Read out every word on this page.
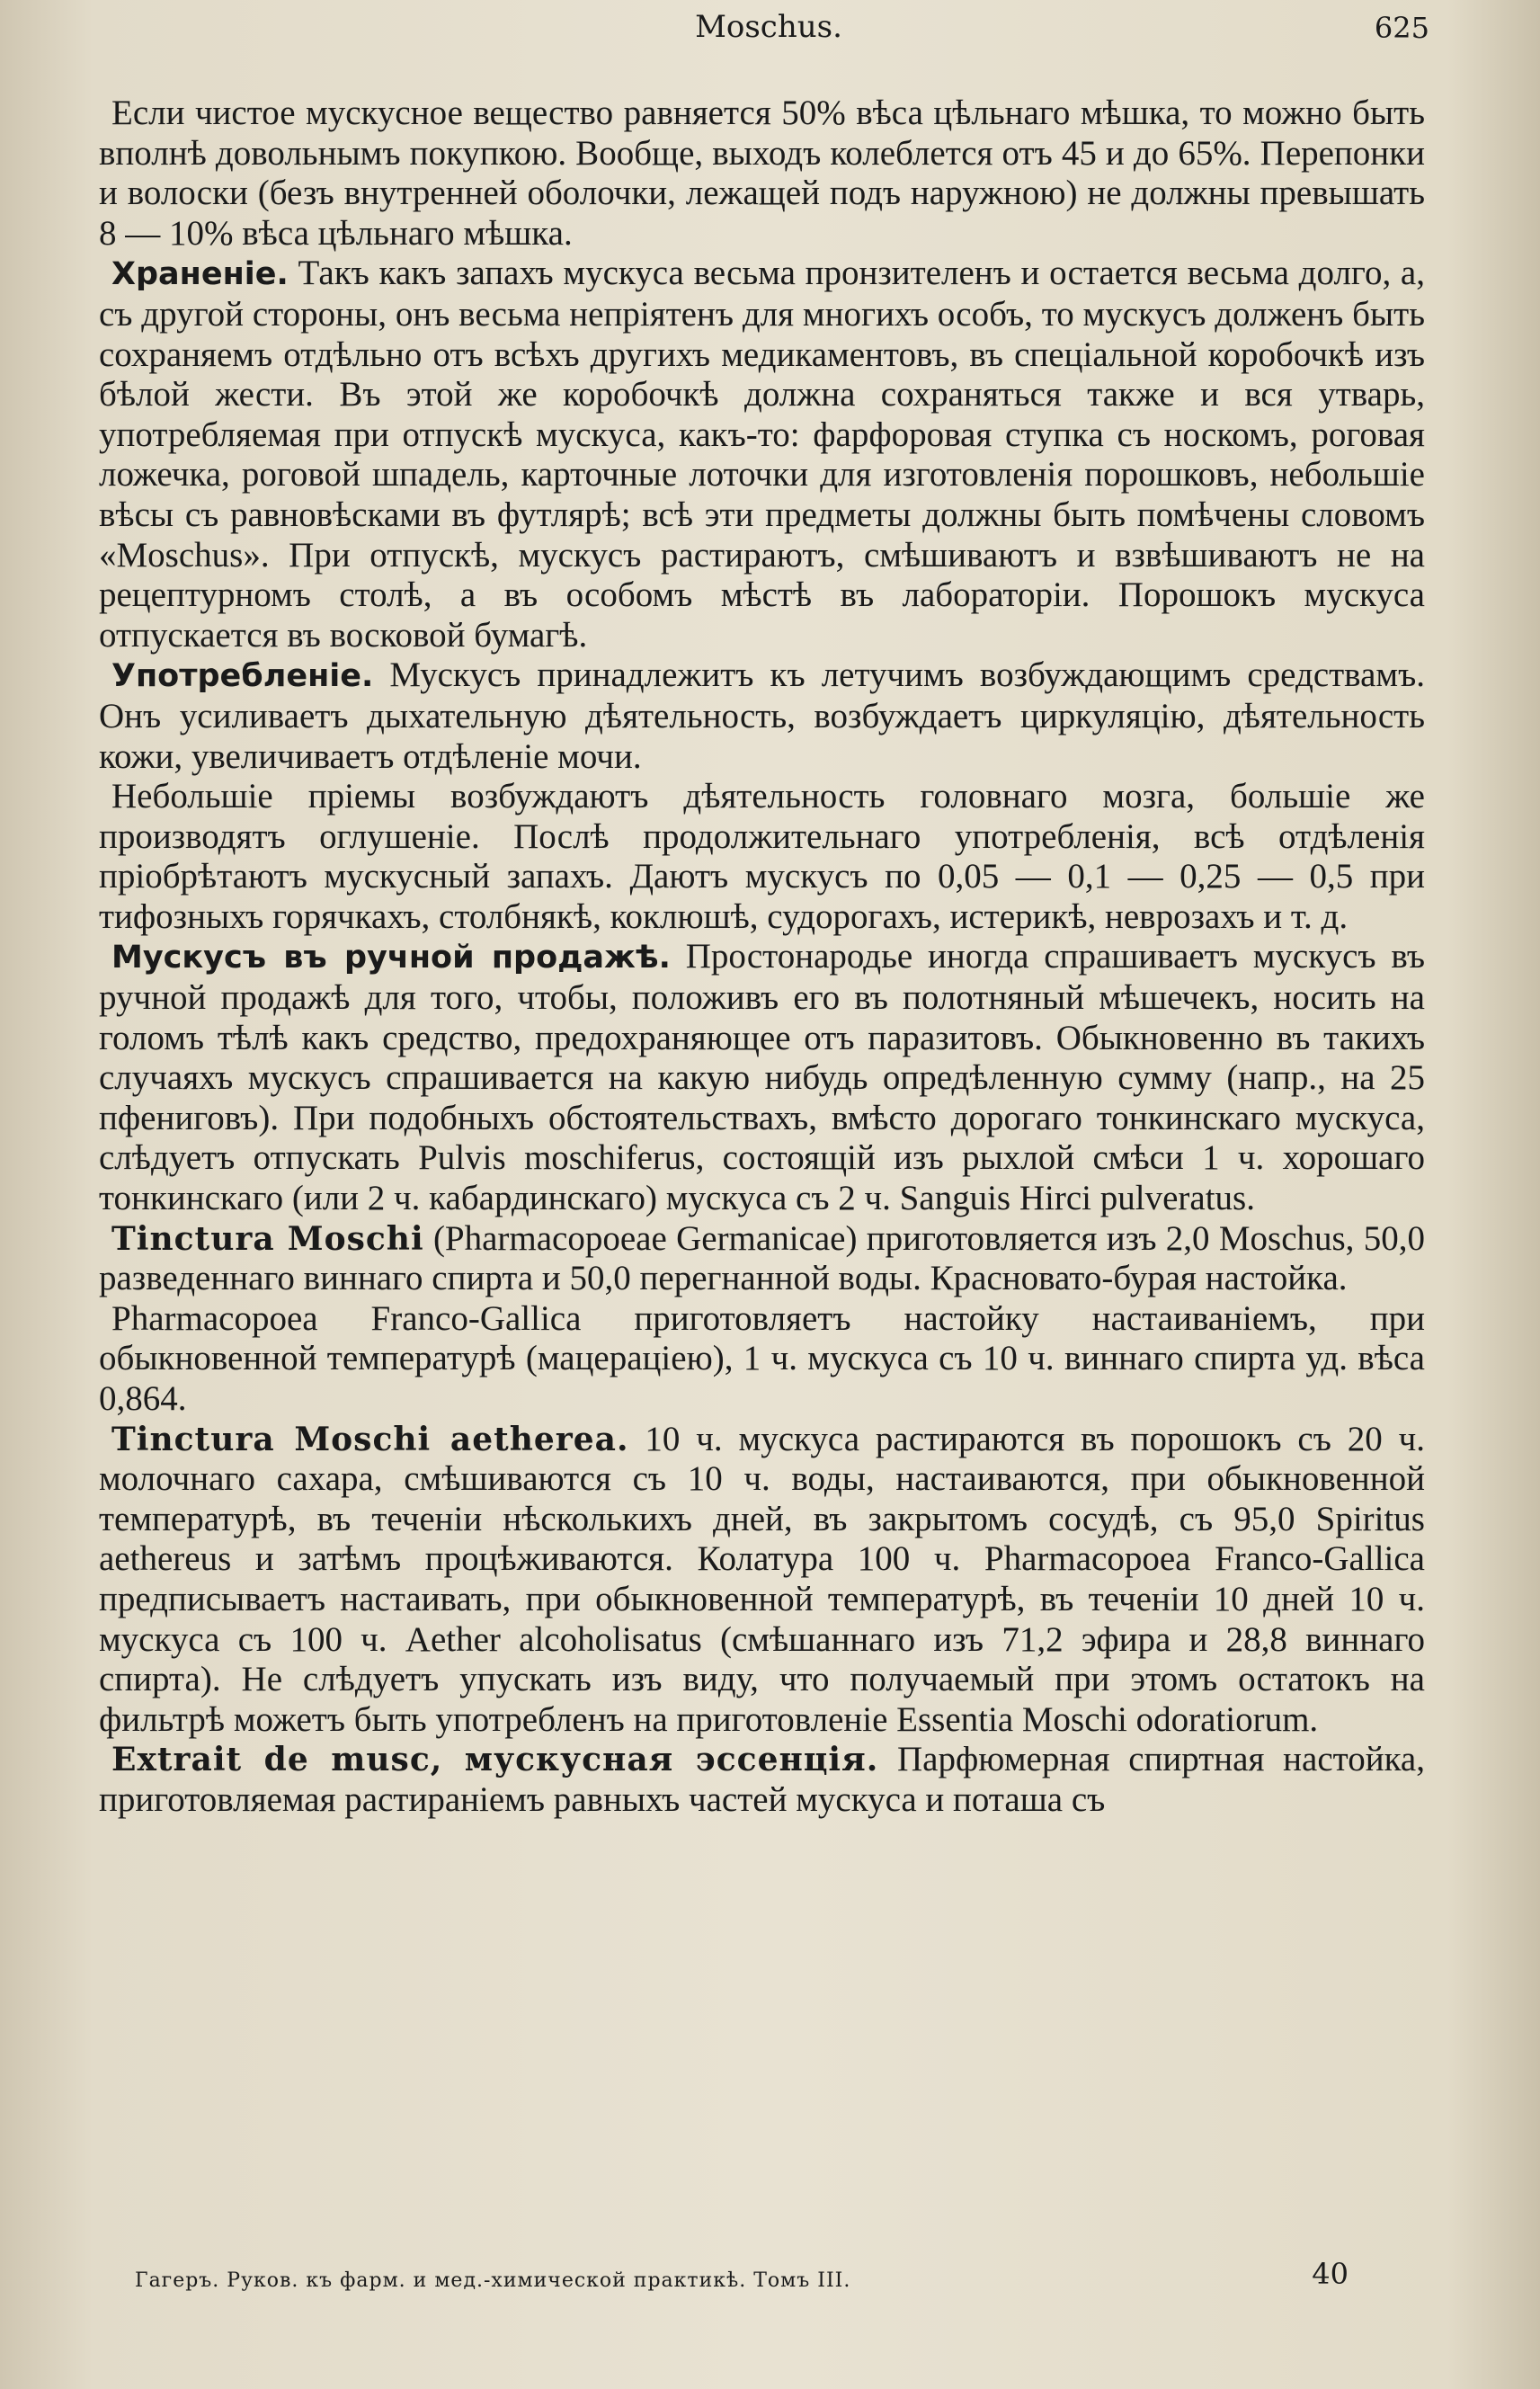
Moschus.	625

Если чистое мускусное вещество равняется 50% вѣса цѣльнаго мѣшка, то можно быть вполнѣ довольнымъ покупкою. Вообще, выходъ колеблется отъ 45 и до 65%. Перепонки и волоски (безъ внутренней оболочки, лежащей подъ наружною) не должны превышать 8 — 10% вѣса цѣльнаго мѣшка.

Храненіе. Такъ какъ запахъ мускуса весьма пронзителенъ и остается весьма долго, а, съ другой стороны, онъ весьма непріятенъ для многихъ особъ, то мускусъ долженъ быть сохраняемъ отдѣльно отъ всѣхъ другихъ медикаментовъ, въ спеціальной коробочкѣ изъ бѣлой жести. Въ этой же коробочкѣ должна сохраняться также и вся утварь, употребляемая при отпускѣ мускуса, какъ-то: фарфоровая ступка съ носкомъ, роговая ложечка, роговой шпадель, карточные лоточки для изготовленія порошковъ, небольшіе вѣсы съ равновѣсками въ футлярѣ; всѣ эти предметы должны быть помѣчены словомъ «Moschus». При отпускѣ, мускусъ растираютъ, смѣшиваютъ и взвѣшиваютъ не на рецептурномъ столѣ, а въ особомъ мѣстѣ въ лабораторіи. Порошокъ мускуса отпускается въ восковой бумагѣ.

Употребленіе. Мускусъ принадлежитъ къ летучимъ возбуждающимъ средствамъ. Онъ усиливаетъ дыхательную дѣятельность, возбуждаетъ циркуляцію, дѣятельность кожи, увеличиваетъ отдѣленіе мочи.

Небольшіе пріемы возбуждаютъ дѣятельность головнаго мозга, большіе же производятъ оглушеніе. Послѣ продолжительнаго употребленія, всѣ отдѣленія пріобрѣтаютъ мускусный запахъ. Даютъ мускусъ по 0,05 — 0,1 — 0,25 — 0,5 при тифозныхъ горячкахъ, столбнякѣ, коклюшѣ, судорогахъ, истерикѣ, неврозахъ и т. д.

Мускусъ въ ручной продажѣ. Простонародье иногда спрашиваетъ мускусъ въ ручной продажѣ для того, чтобы, положивъ его въ полотняный мѣшечекъ, носить на голомъ тѣлѣ какъ средство, предохраняющее отъ паразитовъ. Обыкновенно въ такихъ случаяхъ мускусъ спрашивается на какую нибудь опредѣленную сумму (напр., на 25 пфениговъ). При подобныхъ обстоятельствахъ, вмѣсто дорогаго тонкинскаго мускуса, слѣдуетъ отпускать Pulvis moschiferus, состоящій изъ рыхлой смѣси 1 ч. хорошаго тонкинскаго (или 2 ч. кабардинскаго) мускуса съ 2 ч. Sanguis Hirci pulveratus.

Tinctura Moschi (Pharmacopoeae Germanicae) приготовляется изъ 2,0 Moschus, 50,0 разведеннаго виннаго спирта и 50,0 перегнанной воды. Красновато-бурая настойка.

Pharmacopoea Franco-Gallica приготовляетъ настойку настаиваніемъ, при обыкновенной температурѣ (мацераціею), 1 ч. мускуса съ 10 ч. виннаго спирта уд. вѣса 0,864.

Tinctura Moschi aetherea. 10 ч. мускуса растираются въ порошокъ съ 20 ч. молочнаго сахара, смѣшиваются съ 10 ч. воды, настаиваются, при обыкновенной температурѣ, въ теченіи нѣсколькихъ дней, въ закрытомъ сосудѣ, съ 95,0 Spiritus aethereus и затѣмъ процѣживаются. Колатура 100 ч. Pharmacopoea Franco-Gallica предписываетъ настаивать, при обыкновенной температурѣ, въ теченіи 10 дней 10 ч. мускуса съ 100 ч. Aether alcoholisatus (смѣшаннаго изъ 71,2 эфира и 28,8 виннаго спирта). Не слѣдуетъ упускать изъ виду, что получаемый при этомъ остатокъ на фильтрѣ можетъ быть употребленъ на приготовленіе Essentia Moschi odoratiorum.

Extrait de musc, мускусная эссенція. Парфюмерная спиртная настойка, приготовляемая растираніемъ равныхъ частей мускуса и поташа съ

Гагеръ. Руков. къ фарм. и мед.-химической практикѣ. Томъ III.	40
